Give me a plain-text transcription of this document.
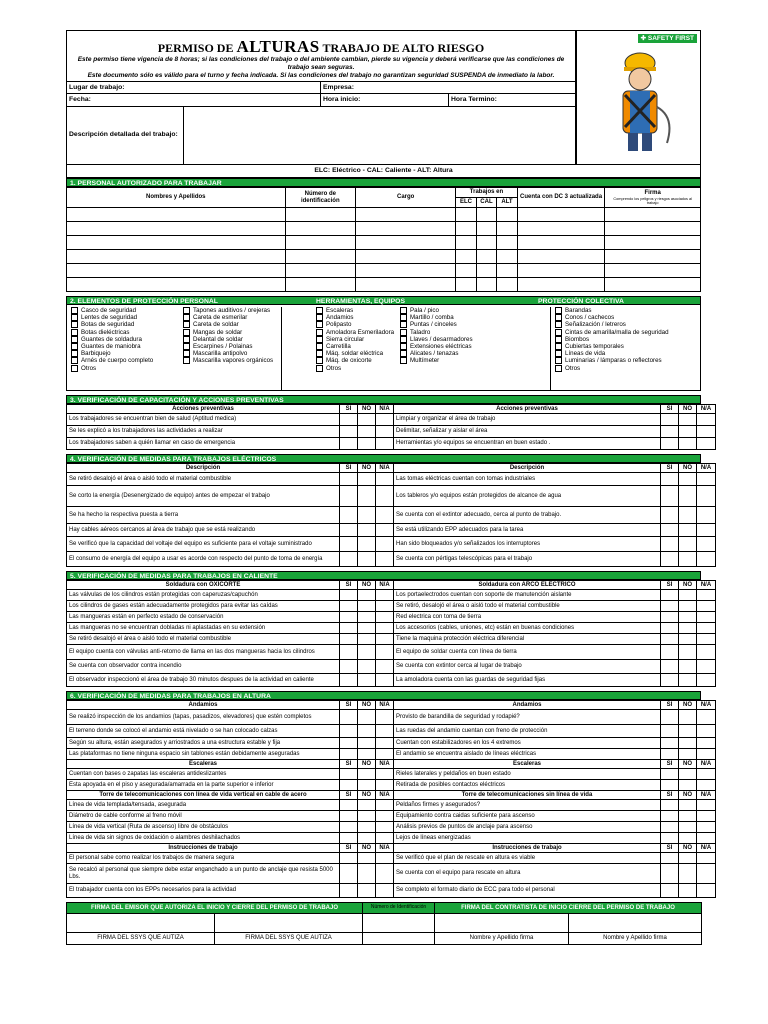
PERMISO DE ALTURAS TRABAJO DE ALTO RIESGO
Este permiso tiene vigencia de 8 horas; si las condiciones del trabajo o del ambiente cambian, pierde su vigencia y deberá verificarse que las condiciones de trabajo sean seguras.
Este documento sólo es válido para el turno y fecha indicada. Si las condiciones del trabajo no garantizan seguridad SUSPENDA de inmediato la labor.
✚ SAFETY FIRST
Lugar de trabajo:	Empresa:
Fecha:	Hora inicio:	Hora Termino:
Descripción detallada del trabajo:
ELC: Eléctrico - CAL: Caliente - ALT: Altura
1. PERSONAL AUTORIZADO PARA TRABAJAR
Nombres y Apellidos	Número de identificación	Cargo	Trabajos en			Cuenta con DC 3 actualizada	Firma
Comprendo los peligros y riesgos asociados al trabajo

			ELC	CAL	ALT		

2. ELEMENTOS DE PROTECCIÓN PERSONAL	HERRAMIENTAS, EQUIPOS	PROTECCIÓN COLECTIVA
Casco de seguridad
Lentes de seguridad
Botas de seguridad
Botas dieléctricas
Guantes de soldadura
Guantes de maniobra
Barbiquejo
Arnés de cuerpo completo
Otros
Tapones auditivos / orejeras
Careta de esmerilar
Careta de soldar
Mangas de soldar
Delantal de soldar
Escarpines / Polainas
Mascarilla antipolvo
Mascarilla vapores orgánicos
Escaleras
Andamios
Polipasto
Amoladora Esmeriladora
Sierra circular
Carretilla
Máq. soldar eléctrica
Máq. de oxicorte
Otros
Pala / pico
Martillo / comba
Puntas / cinceles
Taladro
Llaves / desarmadores
Extensiones eléctricas
Alicates / tenazas
Multímeter
Barandas
Conos / cachecos
Señalización / letreros
Cintas de amarilla/malla de seguridad
Biombos
Cubiertas temporales
Líneas de vida
Luminarias / lámparas o reflectores
Otros
3. VERIFICACIÓN DE CAPACITACIÓN Y ACCIONES PREVENTIVAS
Acciones preventivas	SI	NO	N/A	Acciones preventivas	SI	NO	N/A
Los trabajadores se encuentran bien de salud (Aptitud medica)				Limpiar y organizar el área de trabajo			
Se les explicó a los trabajadores las actividades a realizar				Delimitar, señalizar y aislar el área			
Los trabajadores saben a quién llamar en caso de emergencia				Herramientas y/o equipos se encuentran en buen estado .			
4. VERIFICACIÓN DE MEDIDAS PARA TRABAJOS ELÉCTRICOS
Descripción	SI	NO	N/A	Descripción	SI	NO	N/A
Se retiró desalojó el área o aisló todo el material combustible				Las tomas eléctricas cuentan con tomas industriales			
Se corto la energía (Desenergizado de equipo) antes de empezar el trabajo				Los tableros y/o equipos están protegidos de alcance de agua			
Se ha hecho la respectiva puesta a tierra				Se cuenta con el extintor adecuado, cerca al punto de trabajo.			
Hay cables aéreos cercanos al área de trabajo que se está realizando				Se está utilizando EPP adecuados para la tarea			
Se verificó que la capacidad del voltaje del equipo es suficiente para el voltaje suministrado				Han sido bloqueados y/o señalizados los interruptores			
El consumo de energía del equipo a usar es acorde con respecto del punto de toma de energía				Se cuenta con pértigas telescópicas para el trabajo			
5. VERIFICACIÓN DE MEDIDAS PARA TRABAJOS EN CALIENTE
Soldadura con OXICORTE	SI	NO	N/A	Soldadura con ARCO ELECTRICO	SI	NO	N/A
Las válvulas de los cilindros están protegidas con caperuzas/capuchón				Los portaelectrodos cuentan con soporte de manutención aislante			
Los cilindros de gases están adecuadamente protegidos para evitar las caídas				Se retiró, desalojó el área o aisló todo el material combustible			
Las mangueras están en perfecto estado de conservación				Red electrica con toma de tierra			
Las mangueras no se encuentran dobladas ni aplastadas en su extensión				Los accesorios (cables, uniones, etc) están en buenas condiciones			
Se retiró desalojó el área o aisló todo el material combustible				Tiene la maquina protección eléctrica diferencial			
El equipo cuenta con válvulas anti-retorno de llama en las dos mangueras hacia los cilindros				El equipo de soldar cuenta con línea de tierra			
Se cuenta con observador contra incendio				Se cuenta con extintor cerca al lugar de trabajo			
El observador inspeccionó el área de trabajo 30 minutos despues de la actividad en caliente				La amoladora cuenta con las guardas de seguridad fijas			
6. VERIFICACIÓN DE MEDIDAS PARA TRABAJOS EN ALTURA
Andamios	SI	NO	N/A	Andamios	SI	NO	N/A
Se realizó inspección de los andamios (tapas, pasadizos, elevadores) que estén completos				Provisto de barandilla de seguridad y rodapié?			
El terreno donde se colocó el andamio está nivelado o se han colocado calzas				Las ruedas del andamio cuentan con freno de protección			
Según su altura, están asegurados y arriostrados a una estructura estable y fija				Cuentan con estabilizadores en los 4 extremos			
Las plataformas no tiene ninguna espacio sin tablones están debidamente aseguradas				El andamio se encuentra aislado de líneas eléctricas			
Escaleras	SI	NO	N/A	Escaleras	SI	NO	N/A
Cuentan con bases o zapatas las escaleras antideslizantes				Rieles laterales y peldaños en buen estado			
Esta apoyada en el piso y asegurada/amarrada en la parte superior e inferior				Retirada de posibles contactos eléctricos			
Torre de telecomunicaciones con línea de vida vertical en cable de acero	SI	NO	N/A	Torre de telecomunicaciones sin línea de vida	SI	NO	N/A
Línea de vida templada/tensada, asegurada				Peldaños firmes y asegurados?			
Diámetro de cable conforme al freno móvil				Equipamiento contra caidas suficiente para ascenso			
Línea de vida vertical (Ruta de ascenso) libre de obstáculos				Análisis previos de puntos de anclaje para ascenso			
Línea de vida sin signos de oxidación o alambres deshilachados				Lejos de líneas energizadas			
Instrucciones de trabajo	SI	NO	N/A	Instrucciones de trabajo	SI	NO	N/A
El personal sabe como realizar los trabajos de manera segura				Se verificó que el plan de rescate en altura es viable			
Se recalcó al personal que siempre debe estar enganchado a un punto de anclaje que resista 5000 Lbs.				Se cuenta con el equipo para rescate en altura			
El trabajador cuenta con los EPPs necesarios para la actividad				Se completo el formato diario de ECC para todo el personal			
FIRMA DEL EMISOR QUE AUTORIZA EL INICIO Y CIERRE DEL PERMISO DE TRABAJO		Número de Identificación	FIRMA DEL CONTRATISTA DE INICIO CIERRE DEL PERMISO DE TRABAJO	

FIRMA DEL SSYS QUE AUTIZA	FIRMA DEL SSYS QUE AUTIZA		Nombre y Apellido firma	Nombre y Apellido firma
